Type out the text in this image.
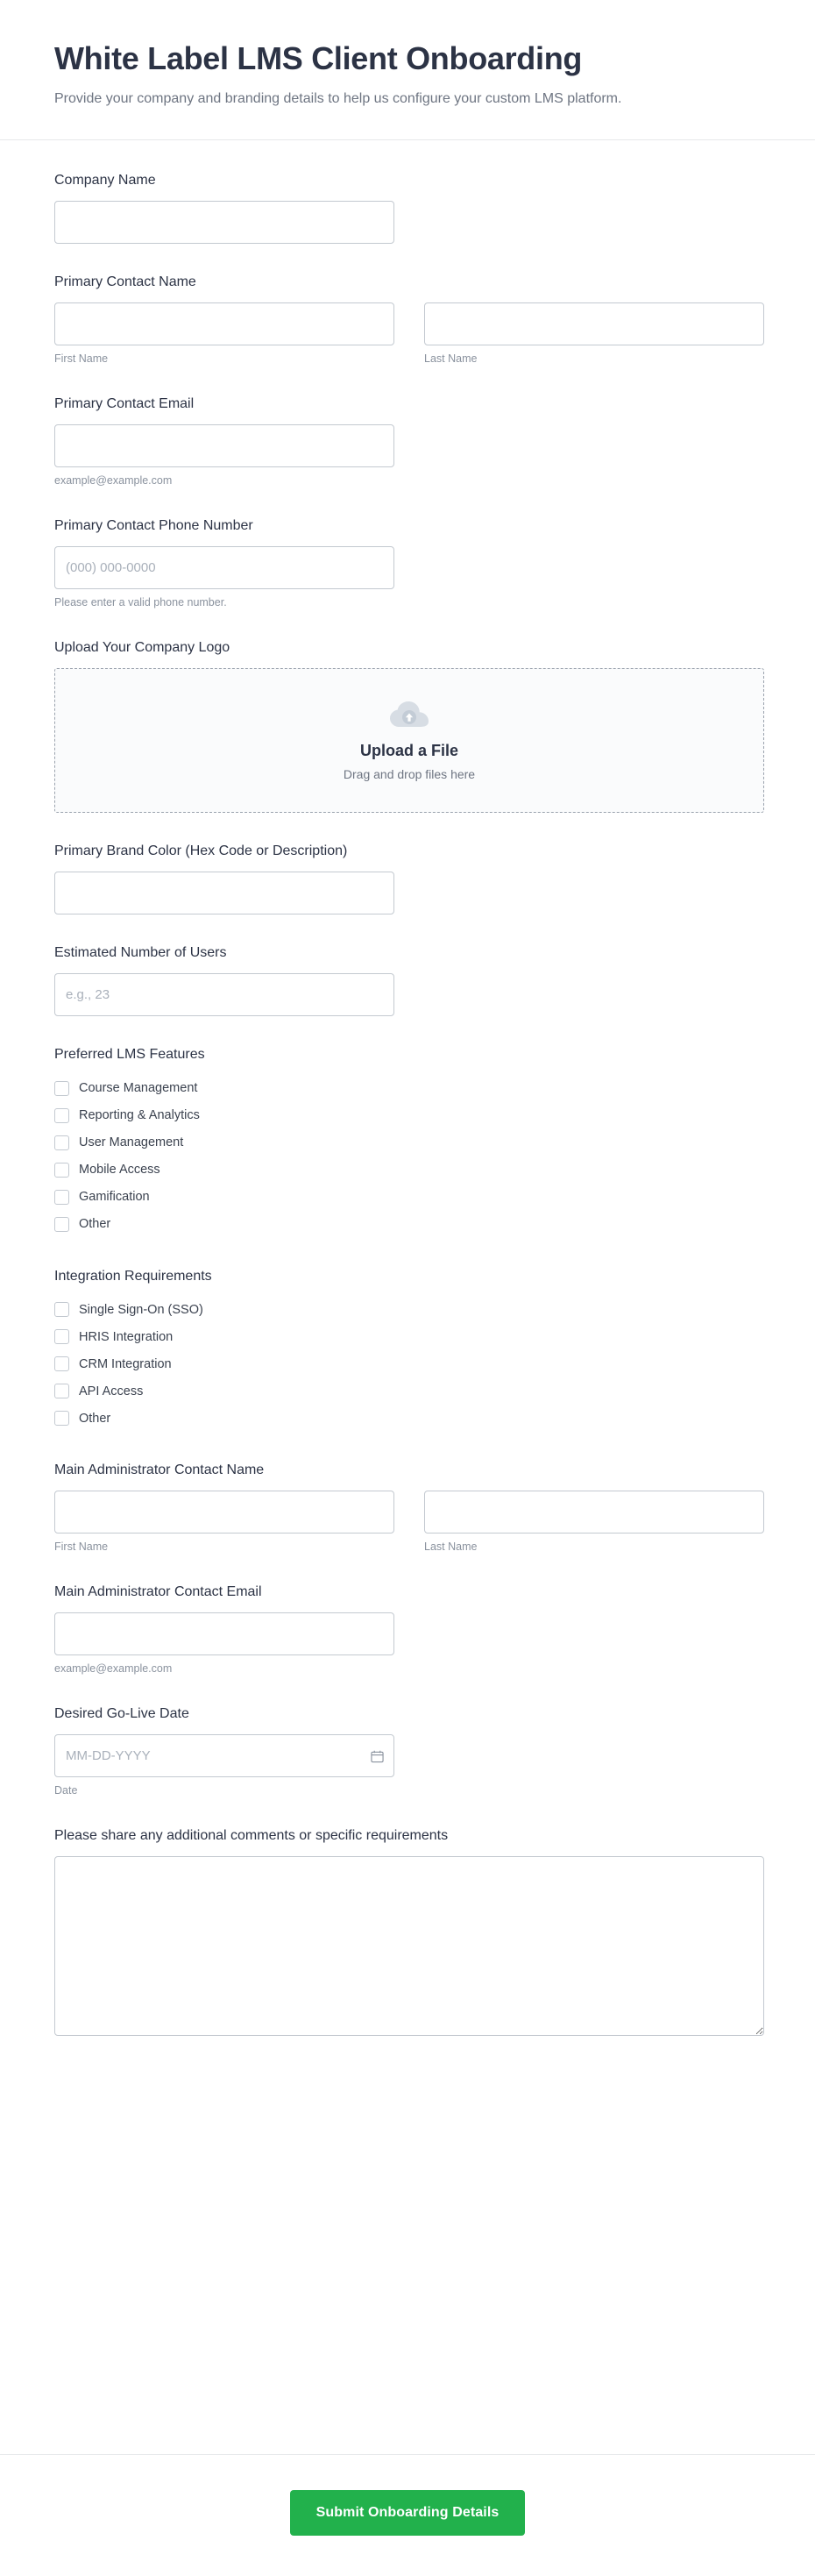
White Label LMS Client Onboarding

Provide your company and branding details to help us configure your custom LMS platform.

Company Name
Primary Contact Name
First Name	Last Name
Primary Contact Email
example@example.com
Primary Contact Phone Number
(000) 000-0000
Please enter a valid phone number.
Upload Your Company Logo
Upload a File
Drag and drop files here
Primary Brand Color (Hex Code or Description)
Estimated Number of Users
e.g., 23
Preferred LMS Features
Course Management
Reporting & Analytics
User Management
Mobile Access
Gamification
Other
Integration Requirements
Single Sign-On (SSO)
HRIS Integration
CRM Integration
API Access
Other
Main Administrator Contact Name
First Name	Last Name
Main Administrator Contact Email
example@example.com
Desired Go-Live Date
MM-DD-YYYY
Date
Please share any additional comments or specific requirements
Submit Onboarding Details
